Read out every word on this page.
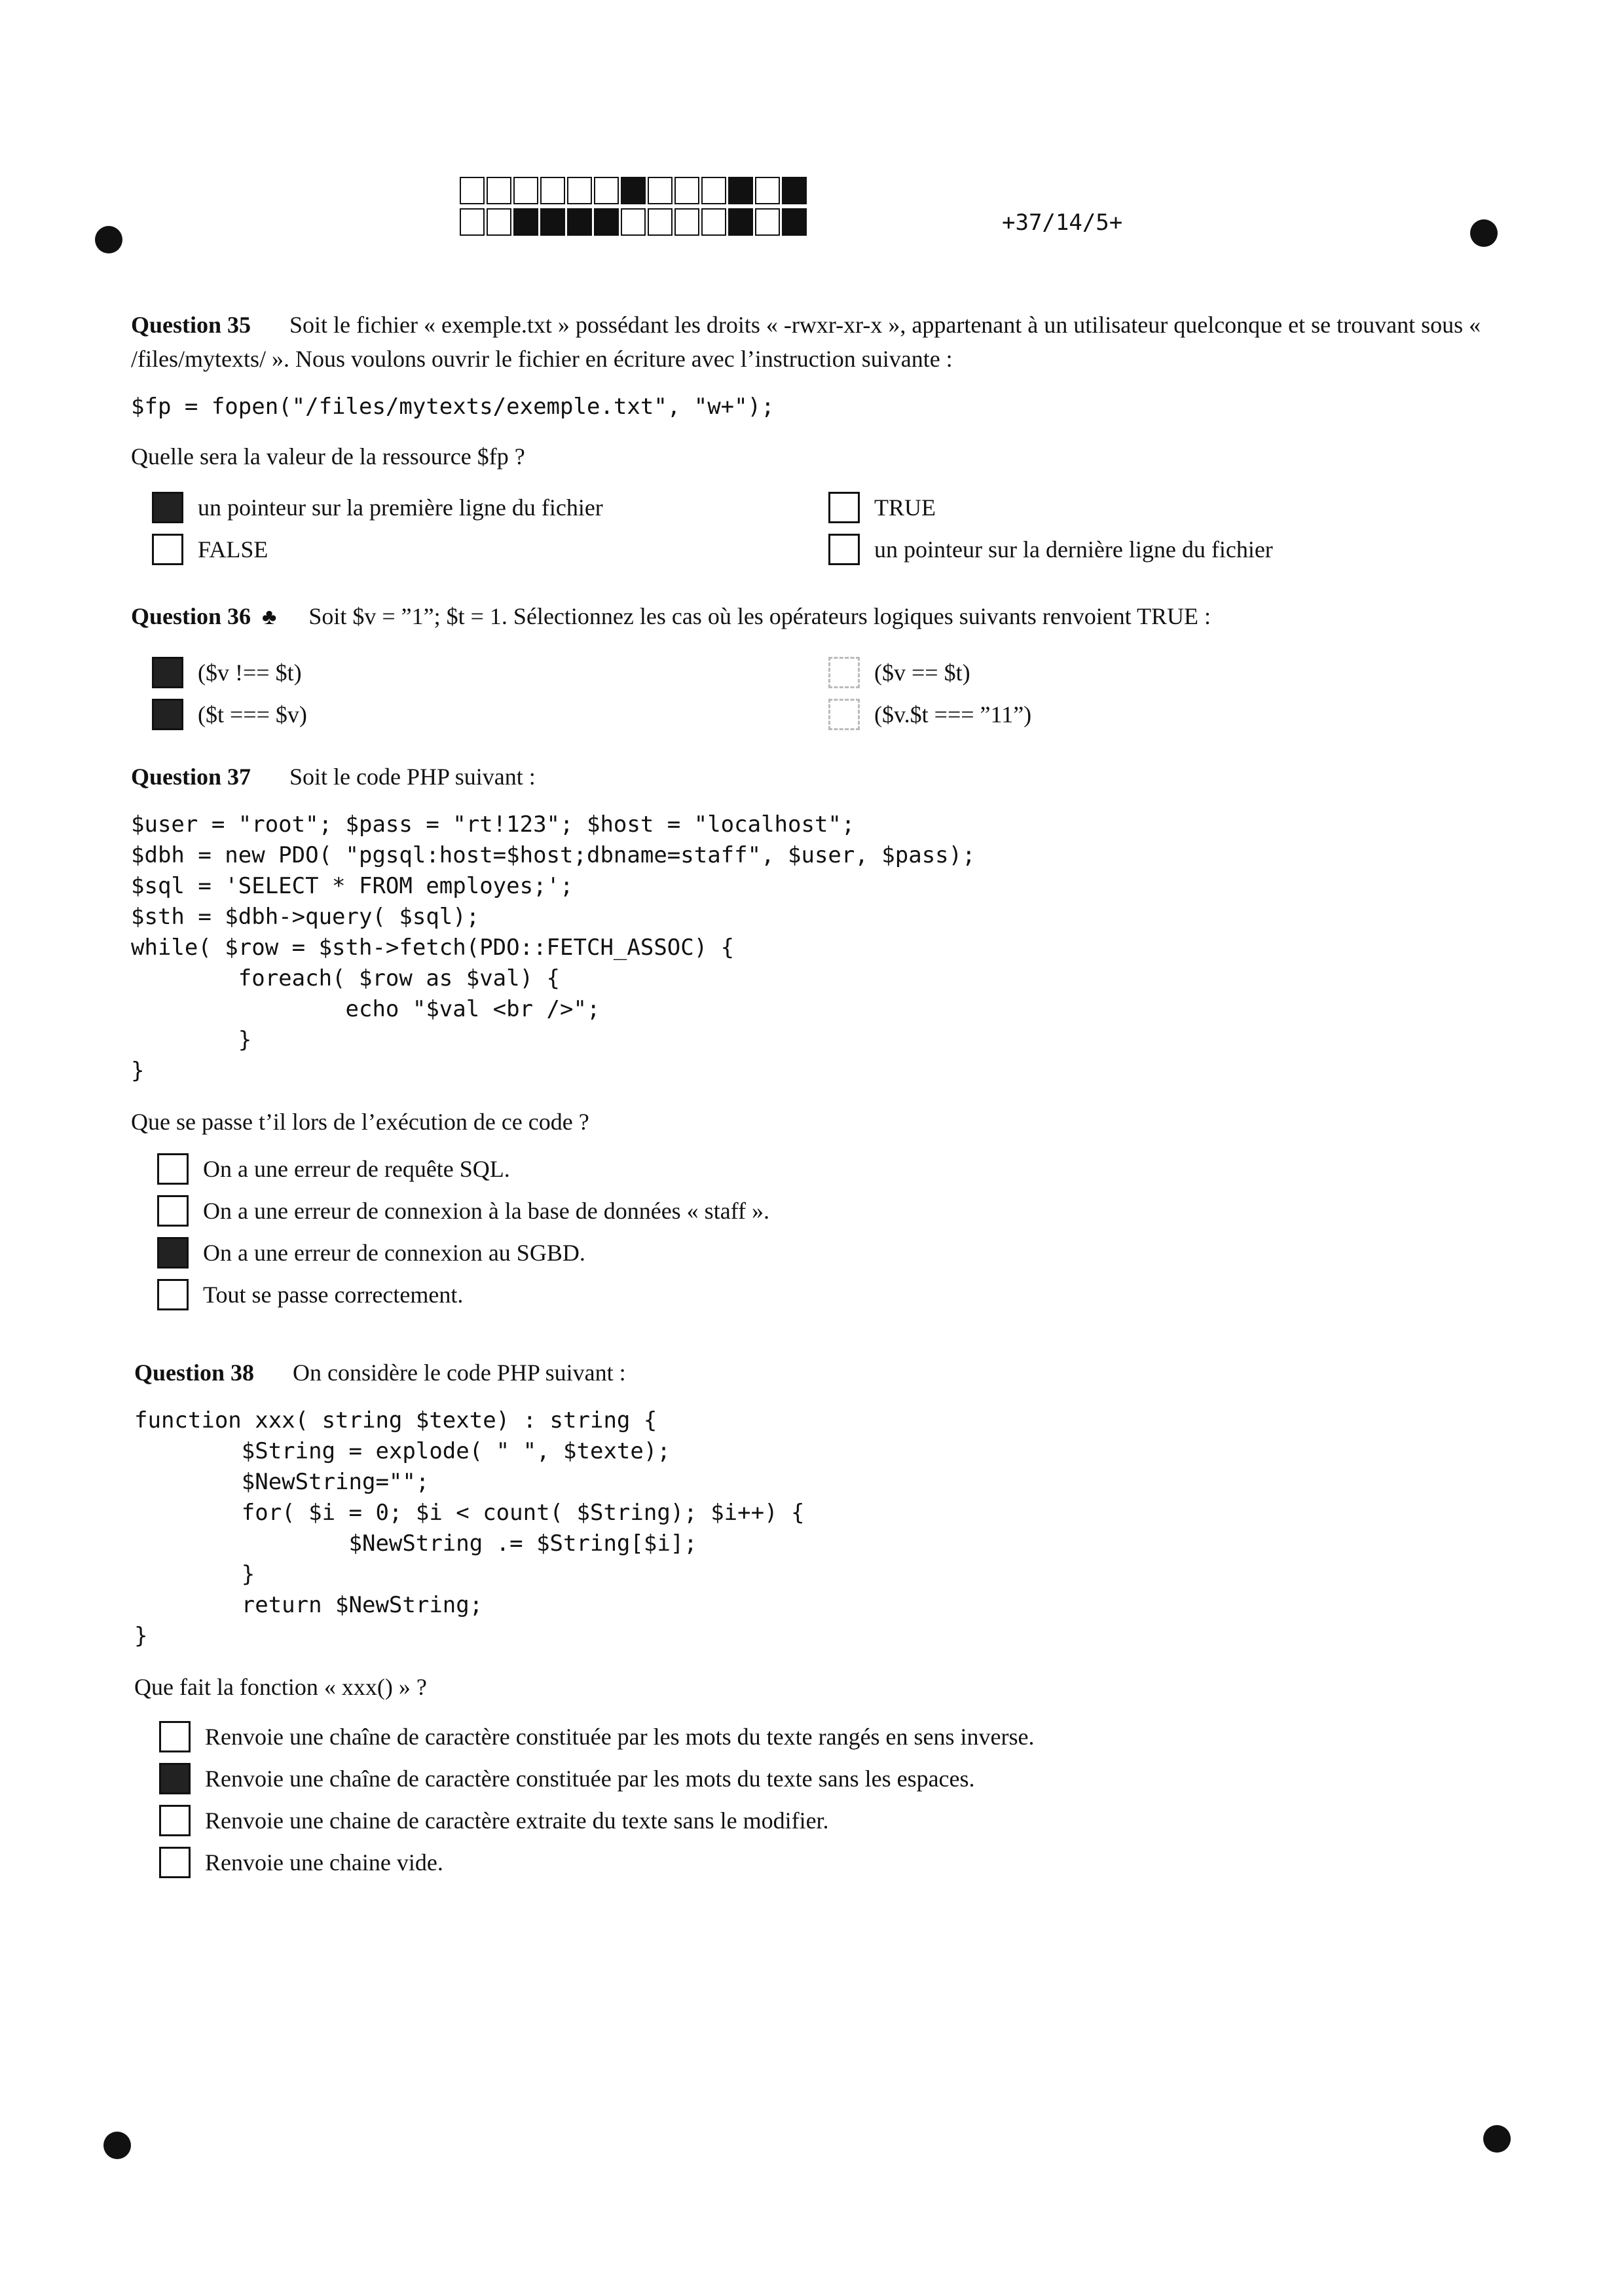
+37/14/5+
Question 35 Soit le fichier « exemple.txt » possédant les droits « -rwxr-xr-x », appartenant à un utilisateur quelconque et se trouvant sous « /files/mytexts/ ». Nous voulons ouvrir le fichier en écriture avec l’instruction suivante :
$fp = fopen("/files/mytexts/exemple.txt", "w+");
Quelle sera la valeur de la ressource $fp ?
un pointeur sur la première ligne du fichier
FALSE
TRUE
un pointeur sur la dernière ligne du fichier
Question 36 ♣ Soit $v = ”1”; $t = 1. Sélectionnez les cas où les opérateurs logiques suivants renvoient TRUE :
($v !== $t)
($t === $v)
($v == $t)
($v.$t === ”11”)
Question 37 Soit le code PHP suivant :
$user = "root"; $pass = "rt!123"; $host = "localhost";
$dbh = new PDO( "pgsql:host=$host;dbname=staff", $user, $pass);
$sql = 'SELECT * FROM employes;';
$sth = $dbh->query( $sql);
while( $row = $sth->fetch(PDO::FETCH_ASSOC) {
foreach( $row as $val) {
echo "$val <br />";
}
}
Que se passe t’il lors de l’exécution de ce code ?
On a une erreur de requête SQL.
On a une erreur de connexion à la base de données « staff ».
On a une erreur de connexion au SGBD.
Tout se passe correctement.
Question 38 On considère le code PHP suivant :
function xxx( string $texte) : string {
$String = explode( " ", $texte);
$NewString="";
for( $i = 0; $i < count( $String); $i++) {
$NewString .= $String[$i];
}
return $NewString;
}
Que fait la fonction « xxx() » ?
Renvoie une chaîne de caractère constituée par les mots du texte rangés en sens inverse.
Renvoie une chaîne de caractère constituée par les mots du texte sans les espaces.
Renvoie une chaine de caractère extraite du texte sans le modifier.
Renvoie une chaine vide.
